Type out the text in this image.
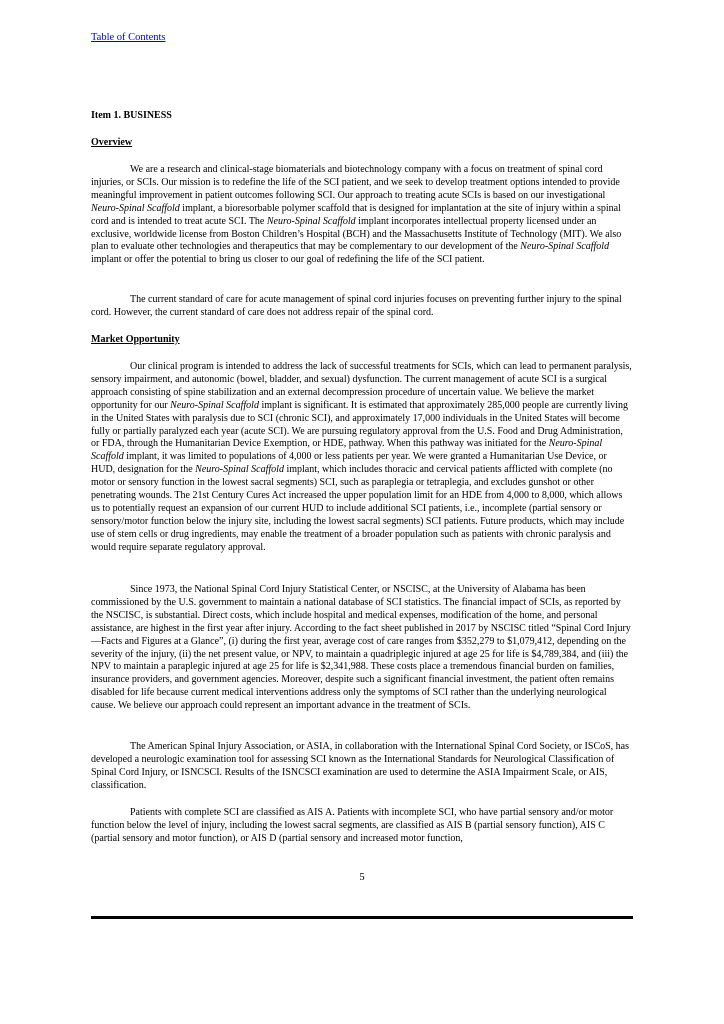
Table of Contents
Item 1. BUSINESS
Overview

We are a research and clinical-stage biomaterials and biotechnology company with a focus on treatment of spinal cord injuries, or SCIs. Our mission is to redefine the life of the SCI patient, and we seek to develop treatment options intended to provide meaningful improvement in patient outcomes following SCI. Our approach to treating acute SCIs is based on our investigational Neuro-Spinal Scaffold implant, a bioresorbable polymer scaffold that is designed for implantation at the site of injury within a spinal cord and is intended to treat acute SCI. The Neuro-Spinal Scaffold implant incorporates intellectual property licensed under an exclusive, worldwide license from Boston Children’s Hospital (BCH) and the Massachusetts Institute of Technology (MIT). We also plan to evaluate other technologies and therapeutics that may be complementary to our development of the Neuro-Spinal Scaffold implant or offer the potential to bring us closer to our goal of redefining the life of the SCI patient.

The current standard of care for acute management of spinal cord injuries focuses on preventing further injury to the spinal cord. However, the current standard of care does not address repair of the spinal cord.

Market Opportunity

Our clinical program is intended to address the lack of successful treatments for SCIs, which can lead to permanent paralysis, sensory impairment, and autonomic (bowel, bladder, and sexual) dysfunction. The current management of acute SCI is a surgical approach consisting of spine stabilization and an external decompression procedure of uncertain value. We believe the market opportunity for our Neuro-Spinal Scaffold implant is significant. It is estimated that approximately 285,000 people are currently living in the United States with paralysis due to SCI (chronic SCI), and approximately 17,000 individuals in the United States will become fully or partially paralyzed each year (acute SCI). We are pursuing regulatory approval from the U.S. Food and Drug Administration, or FDA, through the Humanitarian Device Exemption, or HDE, pathway. When this pathway was initiated for the Neuro-Spinal Scaffold implant, it was limited to populations of 4,000 or less patients per year. We were granted a Humanitarian Use Device, or HUD, designation for the Neuro-Spinal Scaffold implant, which includes thoracic and cervical patients afflicted with complete (no motor or sensory function in the lowest sacral segments) SCI, such as paraplegia or tetraplegia, and excludes gunshot or other penetrating wounds. The 21st Century Cures Act increased the upper population limit for an HDE from 4,000 to 8,000, which allows us to potentially request an expansion of our current HUD to include additional SCI patients, i.e., incomplete (partial sensory or sensory/motor function below the injury site, including the lowest sacral segments) SCI patients. Future products, which may include use of stem cells or drug ingredients, may enable the treatment of a broader population such as patients with chronic paralysis and would require separate regulatory approval.

Since 1973, the National Spinal Cord Injury Statistical Center, or NSCISC, at the University of Alabama has been commissioned by the U.S. government to maintain a national database of SCI statistics. The financial impact of SCIs, as reported by the NSCISC, is substantial. Direct costs, which include hospital and medical expenses, modification of the home, and personal assistance, are highest in the first year after injury. According to the fact sheet published in 2017 by NSCISC titled “Spinal Cord Injury—Facts and Figures at a Glance”, (i) during the first year, average cost of care ranges from $352,279 to $1,079,412, depending on the severity of the injury, (ii) the net present value, or NPV, to maintain a quadriplegic injured at age 25 for life is $4,789,384, and (iii) the NPV to maintain a paraplegic injured at age 25 for life is $2,341,988. These costs place a tremendous financial burden on families, insurance providers, and government agencies. Moreover, despite such a significant financial investment, the patient often remains disabled for life because current medical interventions address only the symptoms of SCI rather than the underlying neurological cause. We believe our approach could represent an important advance in the treatment of SCIs.

The American Spinal Injury Association, or ASIA, in collaboration with the International Spinal Cord Society, or ISCoS, has developed a neurologic examination tool for assessing SCI known as the International Standards for Neurological Classification of Spinal Cord Injury, or ISNCSCI. Results of the ISNCSCI examination are used to determine the ASIA Impairment Scale, or AIS, classification.

Patients with complete SCI are classified as AIS A. Patients with incomplete SCI, who have partial sensory and/or motor function below the level of injury, including the lowest sacral segments, are classified as AIS B (partial sensory function), AIS C (partial sensory and motor function), or AIS D (partial sensory and increased motor function,

5
